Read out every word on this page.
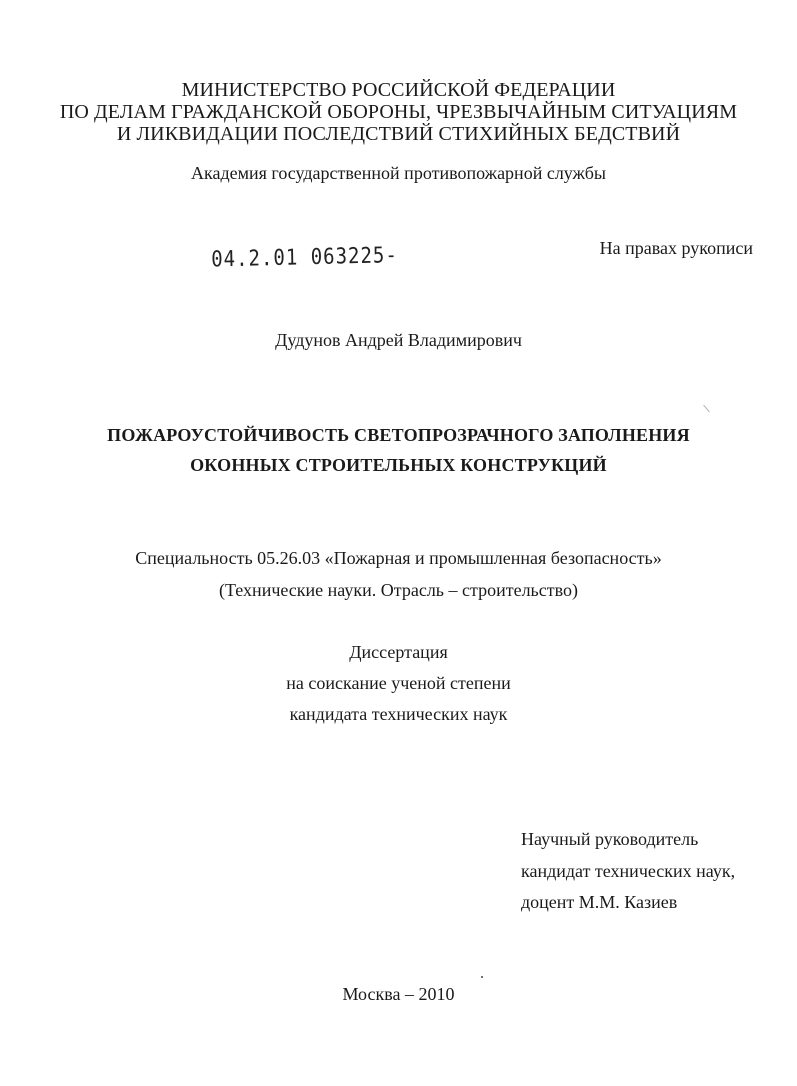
МИНИСТЕРСТВО РОССИЙСКОЙ ФЕДЕРАЦИИ
ПО ДЕЛАМ ГРАЖДАНСКОЙ ОБОРОНЫ, ЧРЕЗВЫЧАЙНЫМ СИТУАЦИЯМ
И ЛИКВИДАЦИИ ПОСЛЕДСТВИЙ СТИХИЙНЫХ БЕДСТВИЙ
Академия государственной противопожарной службы
04.2.01 063225-	На правах рукописи
Дудунов Андрей Владимирович
ПОЖАРОУСТОЙЧИВОСТЬ СВЕТОПРОЗРАЧНОГО ЗАПОЛНЕНИЯ
ОКОННЫХ СТРОИТЕЛЬНЫХ КОНСТРУКЦИЙ
Специальность 05.26.03 «Пожарная и промышленная безопасность»
(Технические науки. Отрасль – строительство)
Диссертация
на соискание ученой степени
кандидата технических наук
Научный руководитель
кандидат технических наук,
доцент М.М. Казиев
Москва – 2010
